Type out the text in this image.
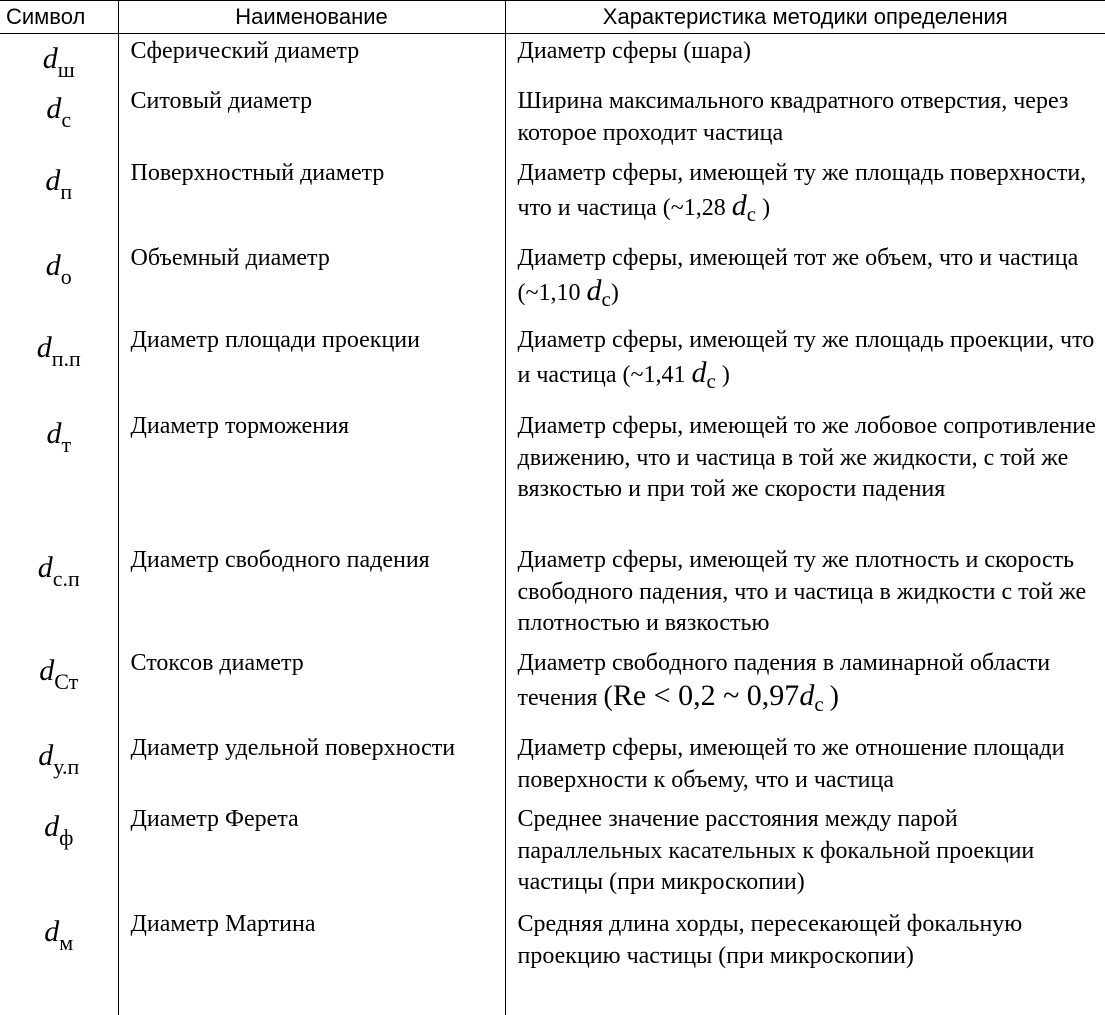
Символ	Наименование	Характеристика методики определения
$d_ш$	Сферический диаметр	Диаметр сферы (шара)
$d_с$	Ситовый диаметр	Ширина максимального квадратного отверстия, через которое проходит частица
$d_п$	Поверхностный диаметр	Диаметр сферы, имеющей ту же площадь поверхности, что и частица (~1,28 $d_с$ )
$d_о$	Объемный диаметр	Диаметр сферы, имеющей тот же объем, что и частица (~1,10 $d_с$)
$d_{п.п}$	Диаметр площади проекции	Диаметр сферы, имеющей ту же площадь проекции, что и частица (~1,41 $d_с$ )
$d_т$	Диаметр торможения	Диаметр сферы, имеющей то же лобовое сопротивление движению, что и частица в той же жидкости, с той же вязкостью и при той же скорости падения
$d_{с.п}$	Диаметр свободного падения	Диаметр сферы, имеющей ту же плотность и скорость свободного падения, что и частица в жидкости с той же плотностью и вязкостью
$d_{Ст}$	Стоксов диаметр	Диаметр свободного падения в ламинарной области течения (Re < 0,2 ~ $0,97d_с$ )
$d_{у.п}$	Диаметр удельной поверхности	Диаметр сферы, имеющей то же отношение площади поверхности к объему, что и частица
$d_ф$	Диаметр Ферета	Среднее значение расстояния между парой параллельных касательных к фокальной проекции частицы (при микроскопии)
$d_м$	Диаметр Мартина	Средняя длина хорды, пересекающей фокальную проекцию частицы (при микроскопии)
